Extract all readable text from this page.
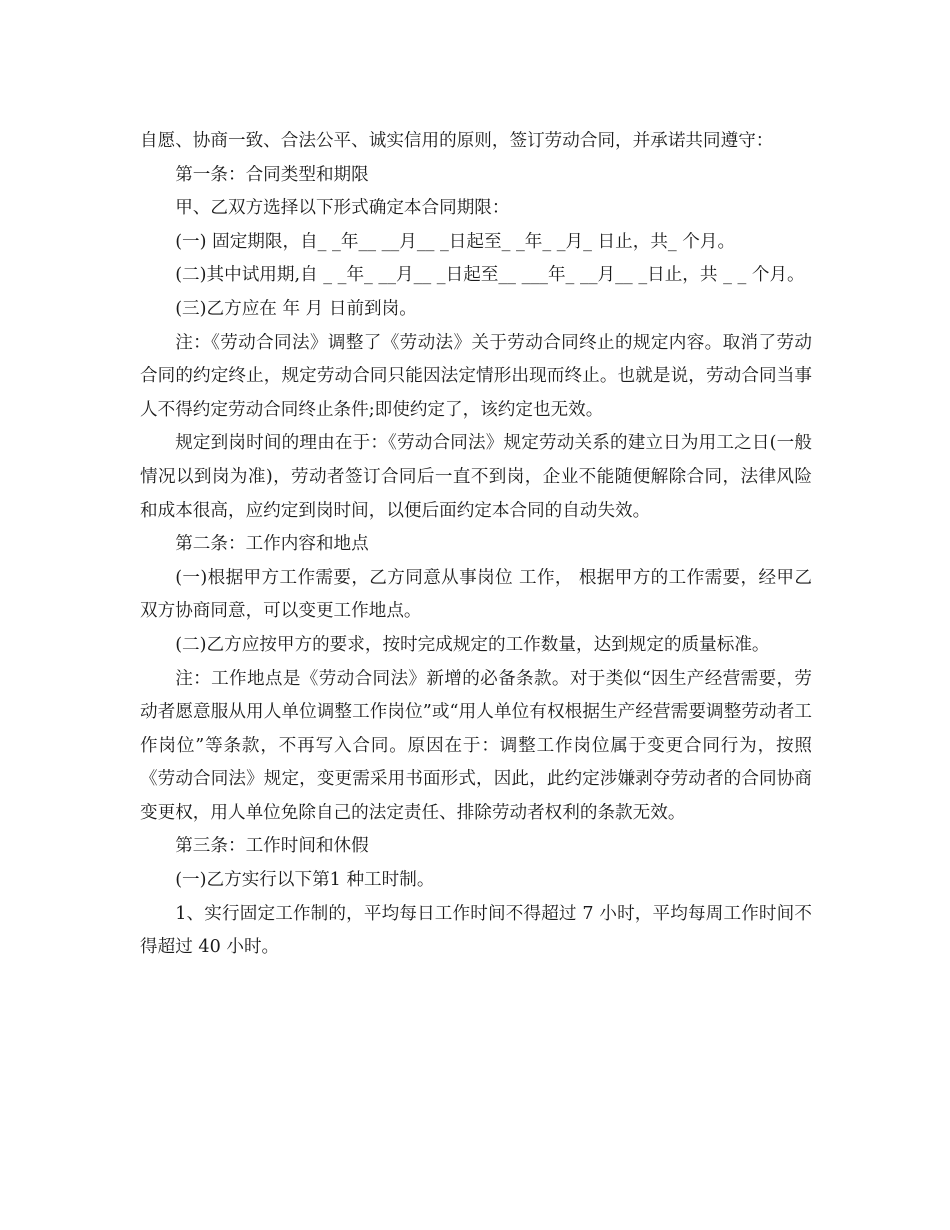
自愿、协商一致、合法公平、诚实信用的原则，签订劳动合同，并承诺共同遵守：

第一条：合同类型和期限

甲、乙双方选择以下形式确定本合同期限：

(一) 固定期限，自_ _年__ __月__ _日起至_ _年_ _月_ 日止，共_ 个月。

(二)其中试用期,自 _ _年_ __月__ _日起至__ ___年_ __月__ _日止，共 _ _ 个月。

(三)乙方应在 年 月 日前到岗。

注：《劳动合同法》调整了《劳动法》关于劳动合同终止的规定内容。取消了劳动合同的约定终止，规定劳动合同只能因法定情形出现而终止。也就是说，劳动合同当事人不得约定劳动合同终止条件;即使约定了，该约定也无效。

规定到岗时间的理由在于：《劳动合同法》规定劳动关系的建立日为用工之日(一般情况以到岗为准)，劳动者签订合同后一直不到岗，企业不能随便解除合同，法律风险和成本很高，应约定到岗时间，以便后面约定本合同的自动失效。

第二条：工作内容和地点

(一)根据甲方工作需要，乙方同意从事岗位 工作， 根据甲方的工作需要，经甲乙双方协商同意，可以变更工作地点。

(二)乙方应按甲方的要求，按时完成规定的工作数量，达到规定的质量标准。

注：工作地点是《劳动合同法》新增的必备条款。对于类似“因生产经营需要，劳动者愿意服从用人单位调整工作岗位”或“用人单位有权根据生产经营需要调整劳动者工作岗位”等条款，不再写入合同。原因在于：调整工作岗位属于变更合同行为，按照《劳动合同法》规定，变更需采用书面形式，因此，此约定涉嫌剥夺劳动者的合同协商变更权，用人单位免除自己的法定责任、排除劳动者权利的条款无效。

第三条：工作时间和休假

(一)乙方实行以下第1 种工时制。

1、实行固定工作制的，平均每日工作时间不得超过 7 小时，平均每周工作时间不得超过 40 小时。
